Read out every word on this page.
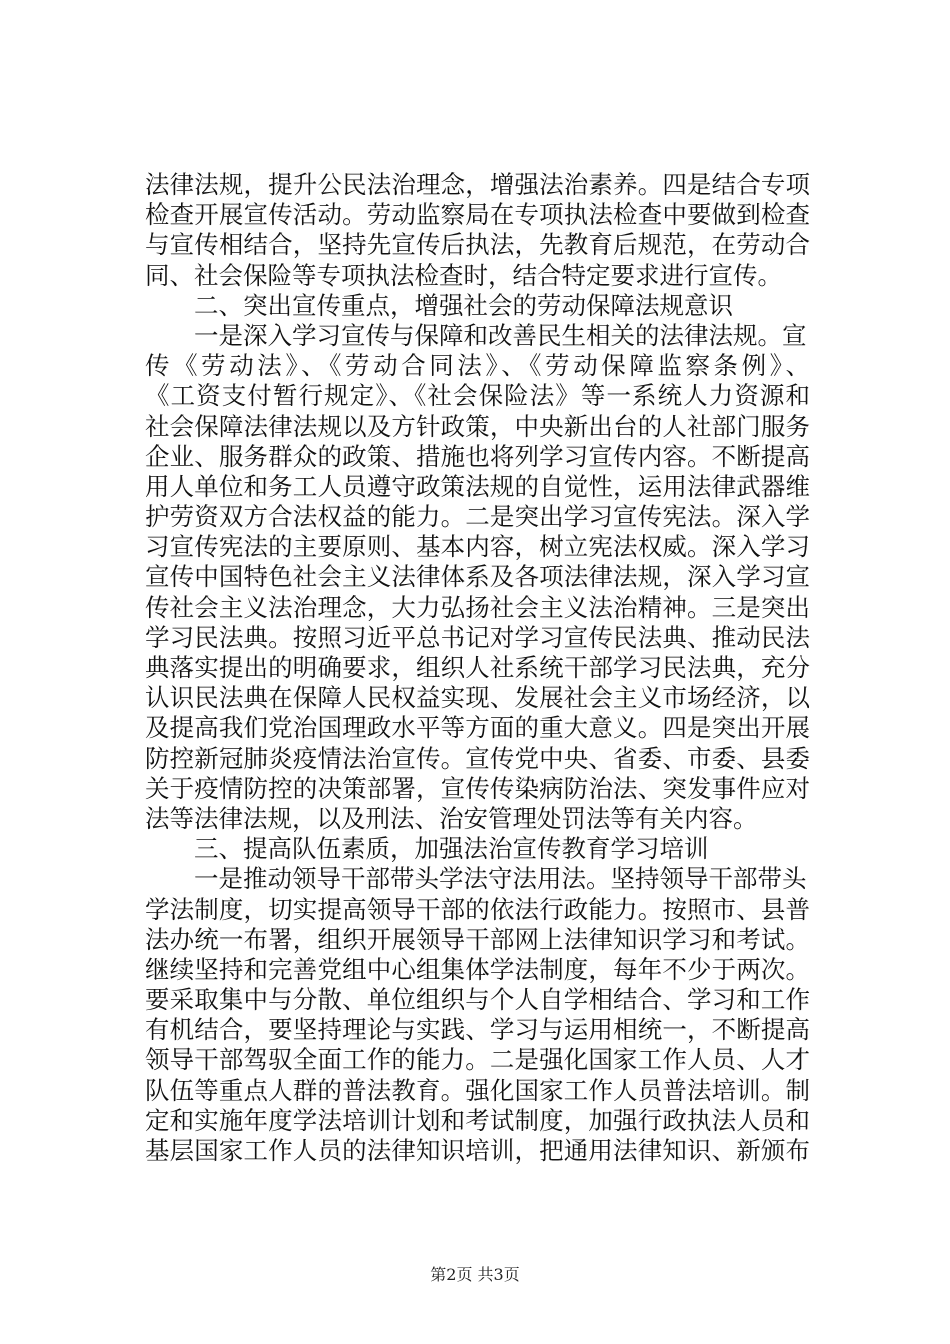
法律法规，提升公民法治理念，增强法治素养。四是结合专项
检查开展宣传活动。劳动监察局在专项执法检查中要做到检查
与宣传相结合，坚持先宣传后执法，先教育后规范，在劳动合
同、社会保险等专项执法检查时，结合特定要求进行宣传。
二、突出宣传重点，增强社会的劳动保障法规意识
一是深入学习宣传与保障和改善民生相关的法律法规。宣
传《劳动法》、《劳动合同法》、《劳动保障监察条例》、
《工资支付暂行规定》、《社会保险法》等一系统人力资源和
社会保障法律法规以及方针政策，中央新出台的人社部门服务
企业、服务群众的政策、措施也将列学习宣传内容。不断提高
用人单位和务工人员遵守政策法规的自觉性，运用法律武器维
护劳资双方合法权益的能力。二是突出学习宣传宪法。深入学
习宣传宪法的主要原则、基本内容，树立宪法权威。深入学习
宣传中国特色社会主义法律体系及各项法律法规，深入学习宣
传社会主义法治理念，大力弘扬社会主义法治精神。三是突出
学习民法典。按照习近平总书记对学习宣传民法典、推动民法
典落实提出的明确要求，组织人社系统干部学习民法典，充分
认识民法典在保障人民权益实现、发展社会主义市场经济，以
及提高我们党治国理政水平等方面的重大意义。四是突出开展
防控新冠肺炎疫情法治宣传。宣传党中央、省委、市委、县委
关于疫情防控的决策部署，宣传传染病防治法、突发事件应对
法等法律法规，以及刑法、治安管理处罚法等有关内容。
三、提高队伍素质，加强法治宣传教育学习培训
一是推动领导干部带头学法守法用法。坚持领导干部带头
学法制度，切实提高领导干部的依法行政能力。按照市、县普
法办统一布署，组织开展领导干部网上法律知识学习和考试。
继续坚持和完善党组中心组集体学法制度，每年不少于两次。
要采取集中与分散、单位组织与个人自学相结合、学习和工作
有机结合，要坚持理论与实践、学习与运用相统一，不断提高
领导干部驾驭全面工作的能力。二是强化国家工作人员、人才
队伍等重点人群的普法教育。强化国家工作人员普法培训。制
定和实施年度学法培训计划和考试制度，加强行政执法人员和
基层国家工作人员的法律知识培训，把通用法律知识、新颁布
第2页 共3页
